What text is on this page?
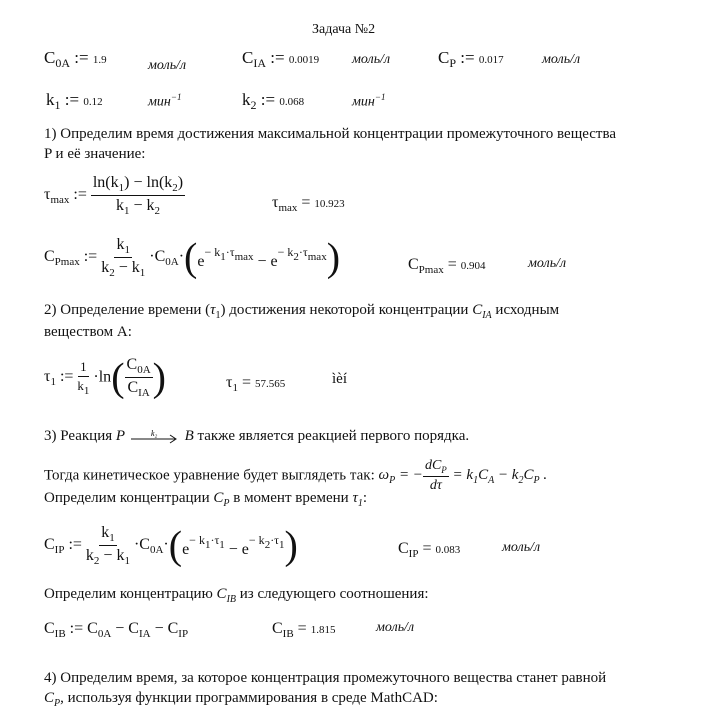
Задача №2
$C_{0A}$ := 1.9	моль/л	$C_{IA}$ := 0.0019 моль/л	$C_P$ := 0.017	моль/л
$k_1$ := 0.12	мин$^{-1}$	$k_2$ := 0.068	мин$^{-1}$
1) Определим время достижения максимальной концентрации промежуточного вещества
P и её значение:
$\tau_{max}$ := $\frac{\ln(k_1) - \ln(k_2)}{k_1 - k_2}$	$\tau_{max} = 10.923$
$C_{Pmax}$ := $\frac{k_1}{k_2 - k_1} \cdot C_{0A}\cdot(e^{- k_1\cdot\tau_{max}} - e^{- k_2\cdot\tau_{max}})$	$C_{Pmax} = 0.904$	моль/л
2) Определение времени $(\tau_1)$ достижения некоторой концентрации $C_{IA}$ исходным
веществом А:
$\tau_1$ := $\frac{1}{k_1} \cdot\ln( \frac{C_{0A}}{C_{IA}}$ )	$\tau_1 = 57.565$	ìèí
3) Реакция P	k₂ B также является реакцией первого порядка.
Тогда кинетическое уравнение будет выглядеть так: $\omega_P$ = − $\frac{dC_P}{d\tau} = k_1C_A - k_2C_P$ .
Определим концентрации $C_P$ в момент времени $\tau_1$:
$C_{IP}$ := $\frac{k_1}{k_2 - k_1} \cdot C_{0A}\cdot(e^{- k_1\cdot\tau_1} - e^{- k_2\cdot\tau_1})$	$C_{IP} = 0.083$	моль/л
Определим концентрацию $C_{IB}$ из следующего соотношения:
$C_{IB}$ := $C_{0A} - C_{IA} - C_{IP}$	$C_{IB} = 1.815$	моль/л
4) Определим время, за которое концентрация промежуточного вещества станет равной
$C_P$, используя функции программирования в среде MathCAD:
